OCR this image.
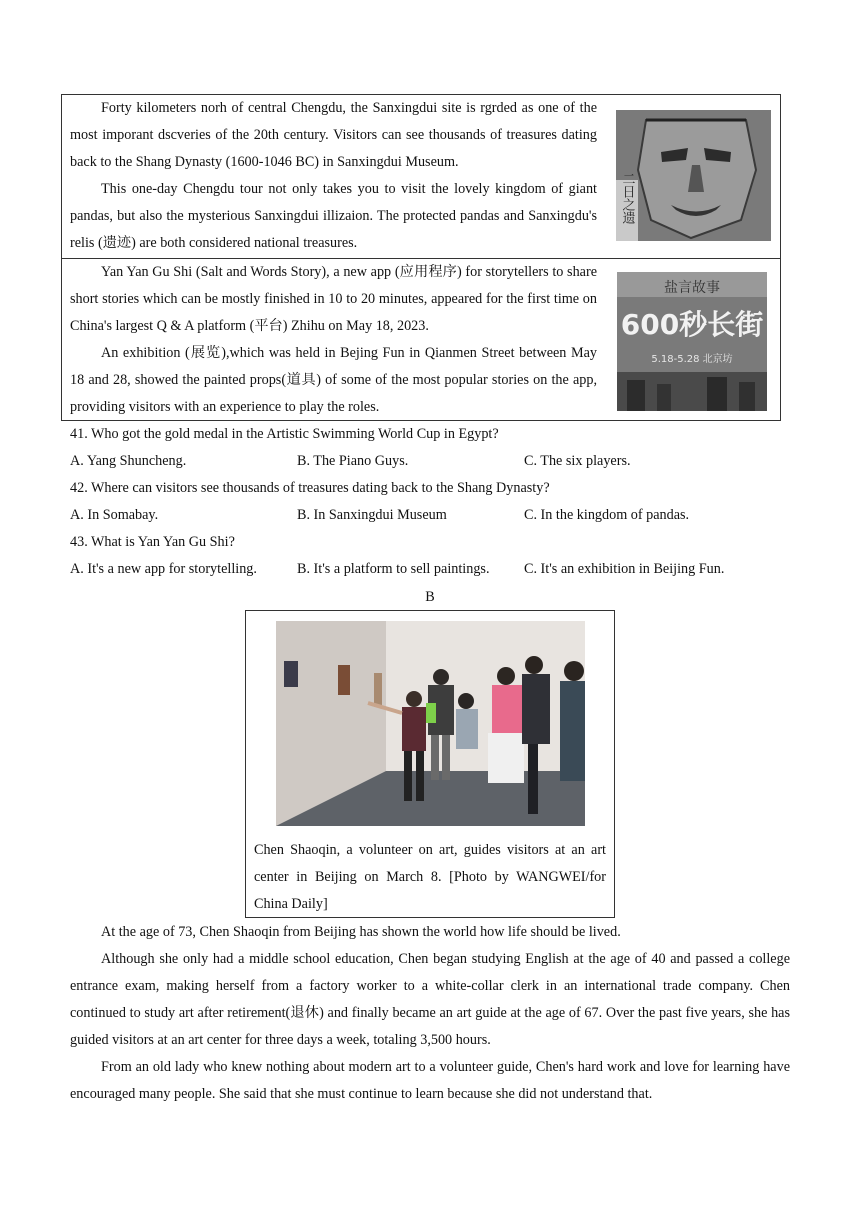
Forty kilometers norh of central Chengdu, the Sanxingdui site is rgrded as one of the most imporant dscveries of the 20th century. Visitors can see thousands of treasures dating back to the Shang Dynasty (1600-1046 BC) in Sanxingdui Museum.

This one-day Chengdu tour not only takes you to visit the lovely kingdom of giant pandas, but also the mysterious Sanxingdui illizaion. The protected pandas and Sanxingdu's relis (遗迹) are both considered national treasures.

二日之遗

Yan Yan Gu Shi (Salt and Words Story), a new app (应用程序) for storytellers to share short stories which can be mostly finished in 10 to 20 minutes, appeared for the first time on China's largest Q & A platform (平台) Zhihu on May 18, 2023.

An exhibition (展览),which was held in Bejing Fun in Qianmen Street between May 18 and 28, showed the painted props(道具) of some of the most popular stories on the app, providing visitors with an experience to play the roles.

盐言故事
600秒长街
5.18-5.28 北京坊

41. Who got the gold medal in the Artistic Swimming World Cup in Egypt?

A. Yang Shuncheng.	B. The Piano Guys.	C. The six players.

42. Where can visitors see thousands of treasures dating back to the Shang Dynasty?

A. In Somabay.	B. In Sanxingdui Museum	C. In the kingdom of pandas.

43. What is Yan Yan Gu Shi?

A. It's a new app for storytelling.	B. It's a platform to sell paintings. C. It's an exhibition in Beijing Fun.

B

Chen Shaoqin, a volunteer on art, guides visitors at an art center in Beijing on March 8. [Photo by WANGWEI/for China Daily]

At the age of 73, Chen Shaoqin from Beijing has shown the world how life should be lived.

Although she only had a middle school education, Chen began studying English at the age of 40 and passed a college entrance exam, making herself from a factory worker to a white-collar clerk in an international trade company. Chen continued to study art after retirement(退休) and finally became an art guide at the age of 67. Over the past five years, she has guided visitors at an art center for three days a week, totaling 3,500 hours.

From an old lady who knew nothing about modern art to a volunteer guide, Chen's hard work and love for learning have encouraged many people. She said that she must continue to learn because she did not understand that.
